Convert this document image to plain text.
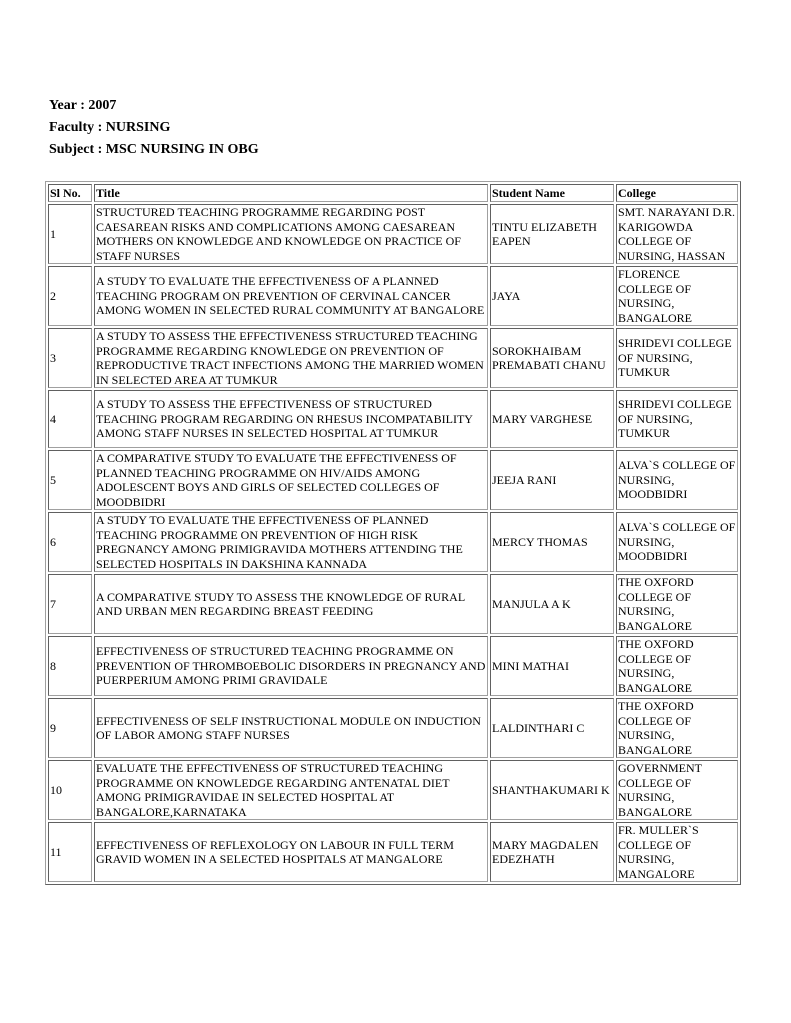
Year : 2007
Faculty : NURSING
Subject : MSC NURSING IN OBG
Sl No.	Title	Student Name	College
1	STRUCTURED TEACHING PROGRAMME REGARDING POST CAESAREAN RISKS AND COMPLICATIONS AMONG CAESAREAN MOTHERS ON KNOWLEDGE AND KNOWLEDGE ON PRACTICE OF STAFF NURSES	TINTU ELIZABETH EAPEN	SMT. NARAYANI D.R. KARIGOWDA COLLEGE OF NURSING, HASSAN
2	A STUDY TO EVALUATE THE EFFECTIVENESS OF A PLANNED TEACHING PROGRAM ON PREVENTION OF CERVINAL CANCER AMONG WOMEN IN SELECTED RURAL COMMUNITY AT BANGALORE	JAYA	FLORENCE COLLEGE OF NURSING, BANGALORE
3	A STUDY TO ASSESS THE EFFECTIVENESS STRUCTURED TEACHING PROGRAMME REGARDING KNOWLEDGE ON PREVENTION OF REPRODUCTIVE TRACT INFECTIONS AMONG THE MARRIED WOMEN IN SELECTED AREA AT TUMKUR	SOROKHAIBAM PREMABATI CHANU	SHRIDEVI COLLEGE OF NURSING, TUMKUR
4	A STUDY TO ASSESS THE EFFECTIVENESS OF STRUCTURED TEACHING PROGRAM REGARDING ON RHESUS INCOMPATABILITY AMONG STAFF NURSES IN SELECTED HOSPITAL AT TUMKUR	MARY VARGHESE	SHRIDEVI COLLEGE OF NURSING, TUMKUR
5	A COMPARATIVE STUDY TO EVALUATE THE EFFECTIVENESS OF PLANNED TEACHING PROGRAMME ON HIV/AIDS AMONG ADOLESCENT BOYS AND GIRLS OF SELECTED COLLEGES OF MOODBIDRI	JEEJA RANI	ALVA`S COLLEGE OF NURSING, MOODBIDRI
6	A STUDY TO EVALUATE THE EFFECTIVENESS OF PLANNED TEACHING PROGRAMME ON PREVENTION OF HIGH RISK PREGNANCY AMONG PRIMIGRAVIDA MOTHERS ATTENDING THE SELECTED HOSPITALS IN DAKSHINA KANNADA	MERCY THOMAS	ALVA`S COLLEGE OF NURSING, MOODBIDRI
7	A COMPARATIVE STUDY TO ASSESS THE KNOWLEDGE OF RURAL AND URBAN MEN REGARDING BREAST FEEDING	MANJULA A K	THE OXFORD COLLEGE OF NURSING, BANGALORE
8	EFFECTIVENESS OF STRUCTURED TEACHING PROGRAMME ON PREVENTION OF THROMBOEBOLIC DISORDERS IN PREGNANCY AND PUERPERIUM AMONG PRIMI GRAVIDALE	MINI MATHAI	THE OXFORD COLLEGE OF NURSING, BANGALORE
9	EFFECTIVENESS OF SELF INSTRUCTIONAL MODULE ON INDUCTION OF LABOR AMONG STAFF NURSES	LALDINTHARI C	THE OXFORD COLLEGE OF NURSING, BANGALORE
10	EVALUATE THE EFFECTIVENESS OF STRUCTURED TEACHING PROGRAMME ON KNOWLEDGE REGARDING ANTENATAL DIET AMONG PRIMIGRAVIDAE IN SELECTED HOSPITAL AT BANGALORE,KARNATAKA	SHANTHAKUMARI K	GOVERNMENT COLLEGE OF NURSING, BANGALORE
11	EFFECTIVENESS OF REFLEXOLOGY ON LABOUR IN FULL TERM GRAVID WOMEN IN A SELECTED HOSPITALS AT MANGALORE	MARY MAGDALEN EDEZHATH	FR. MULLER`S COLLEGE OF NURSING, MANGALORE
